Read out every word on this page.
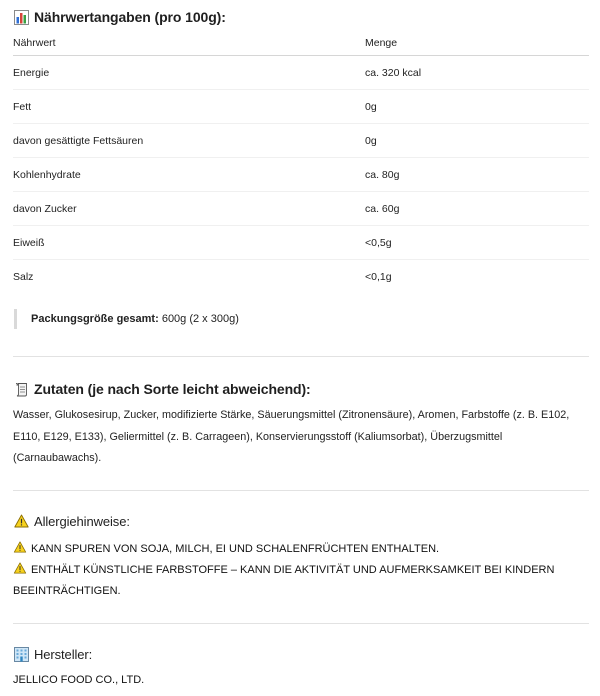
Nährwertangaben (pro 100g):
Nährwert	Menge
Energie	ca. 320 kcal
Fett	0g
davon gesättigte Fettsäuren	0g
Kohlenhydrate	ca. 80g
davon Zucker	ca. 60g
Eiweiß	<0,5g
Salz	<0,1g
Packungsgröße gesamt: 600g (2 x 300g)
Zutaten (je nach Sorte leicht abweichend):

Wasser, Glukosesirup, Zucker, modifizierte Stärke, Säuerungsmittel (Zitronensäure), Aromen, Farbstoffe (z. B. E102, E110, E129, E133), Geliermittel (z. B. Carrageen), Konservierungsstoff (Kaliumsorbat), Überzugsmittel (Carnaubawachs).

Allergiehinweise:
KANN SPUREN VON SOJA, MILCH, EI UND SCHALENFRÜCHTEN ENTHALTEN.
ENTHÄLT KÜNSTLICHE FARBSTOFFE – KANN DIE AKTIVITÄT UND AUFMERKSAMKEIT BEI KINDERN BEEINTRÄCHTIGEN.
Hersteller:

JELLICO FOOD CO., LTD.
